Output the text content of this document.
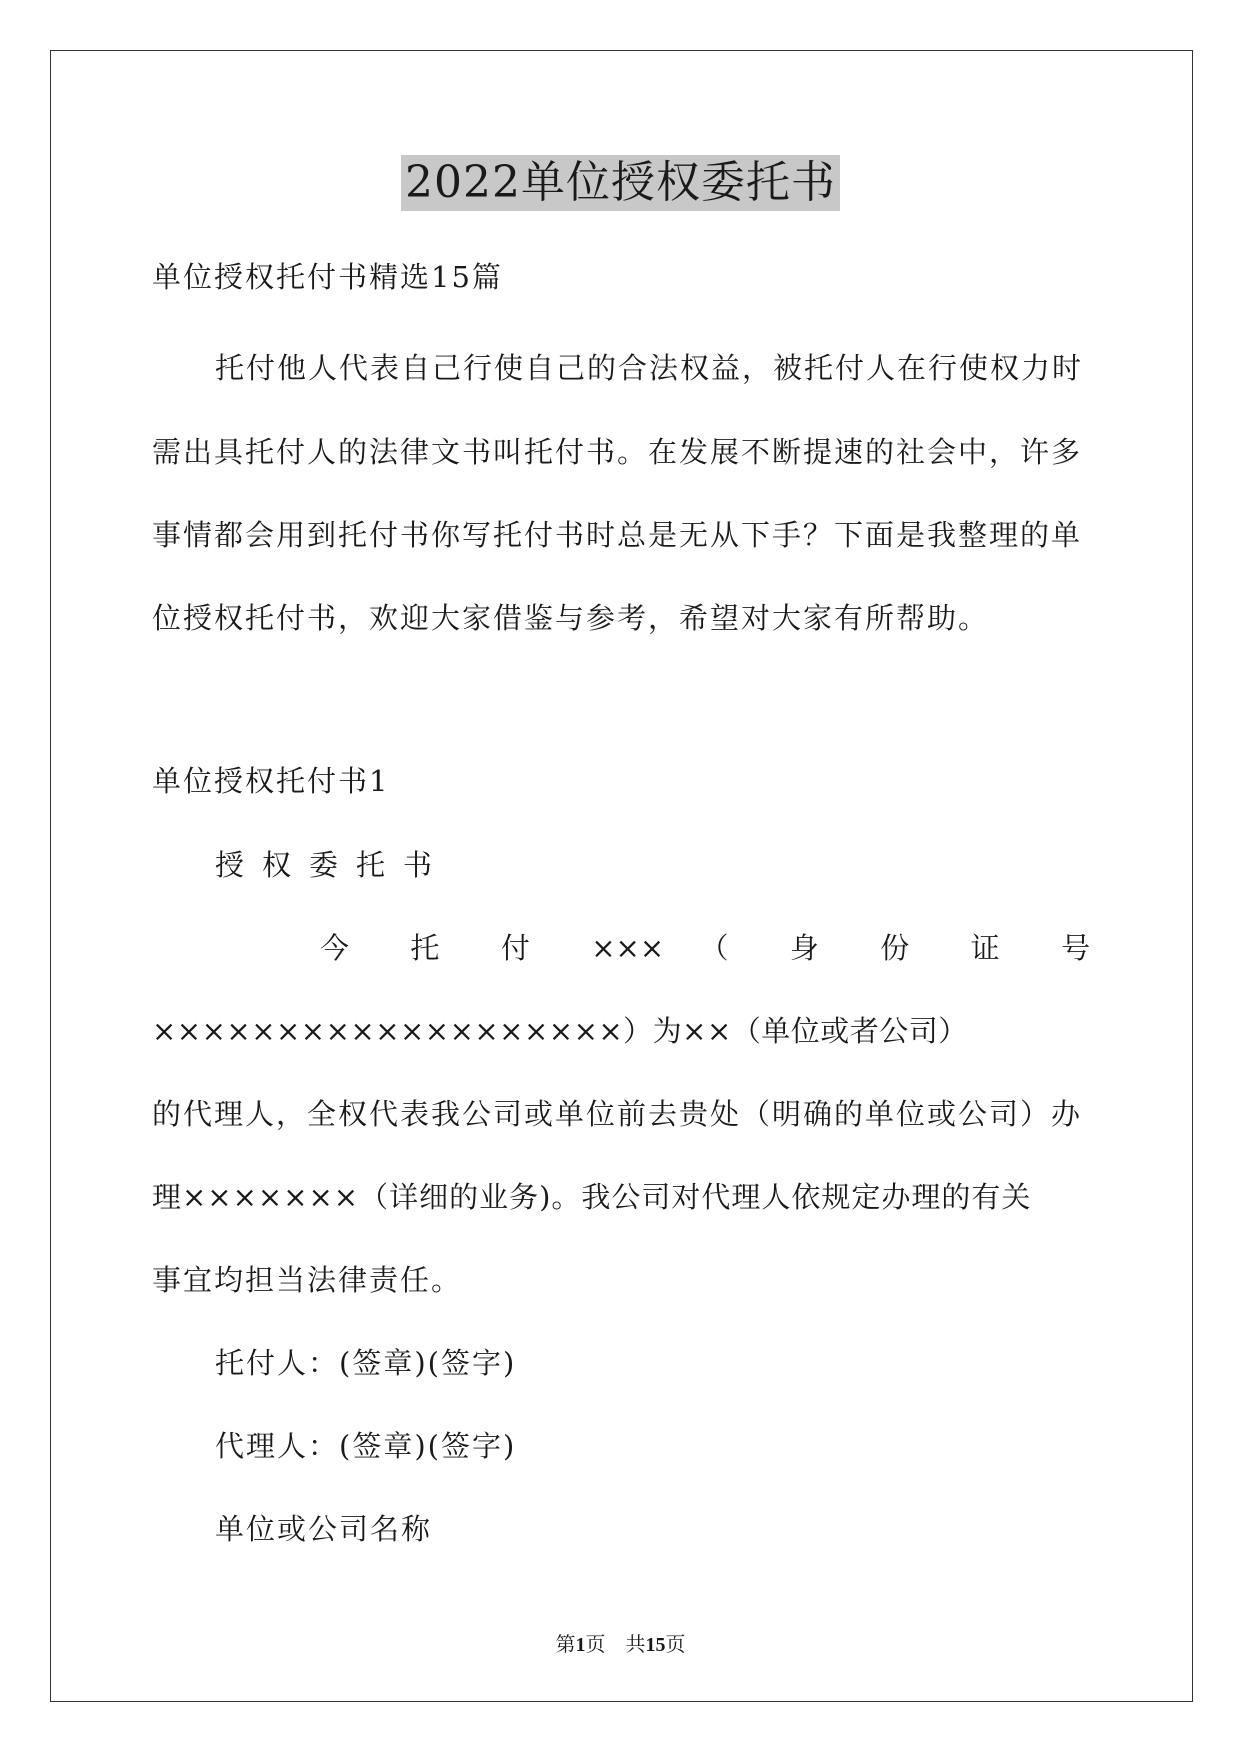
2022单位授权委托书
单位授权托付书精选15篇
托付他人代表自己行使自己的合法权益，被托付人在行使权力时
需出具托付人的法律文书叫托付书。在发展不断提速的社会中，许多
事情都会用到托付书你写托付书时总是无从下手？下面是我整理的单
位授权托付书，欢迎大家借鉴与参考，希望对大家有所帮助。
单位授权托付书1
授权委托书
今 托 付 ××× （ 身 份 证 号
×××××××××××××××××××）为××（单位或者公司）
的代理人，全权代表我公司或单位前去贵处（明确的单位或公司）办
理×××××××（详细的业务)。我公司对代理人依规定办理的有关
事宜均担当法律责任。
托付人：(签章)(签字)
代理人：(签章)(签字)
单位或公司名称
第1页　共15页
